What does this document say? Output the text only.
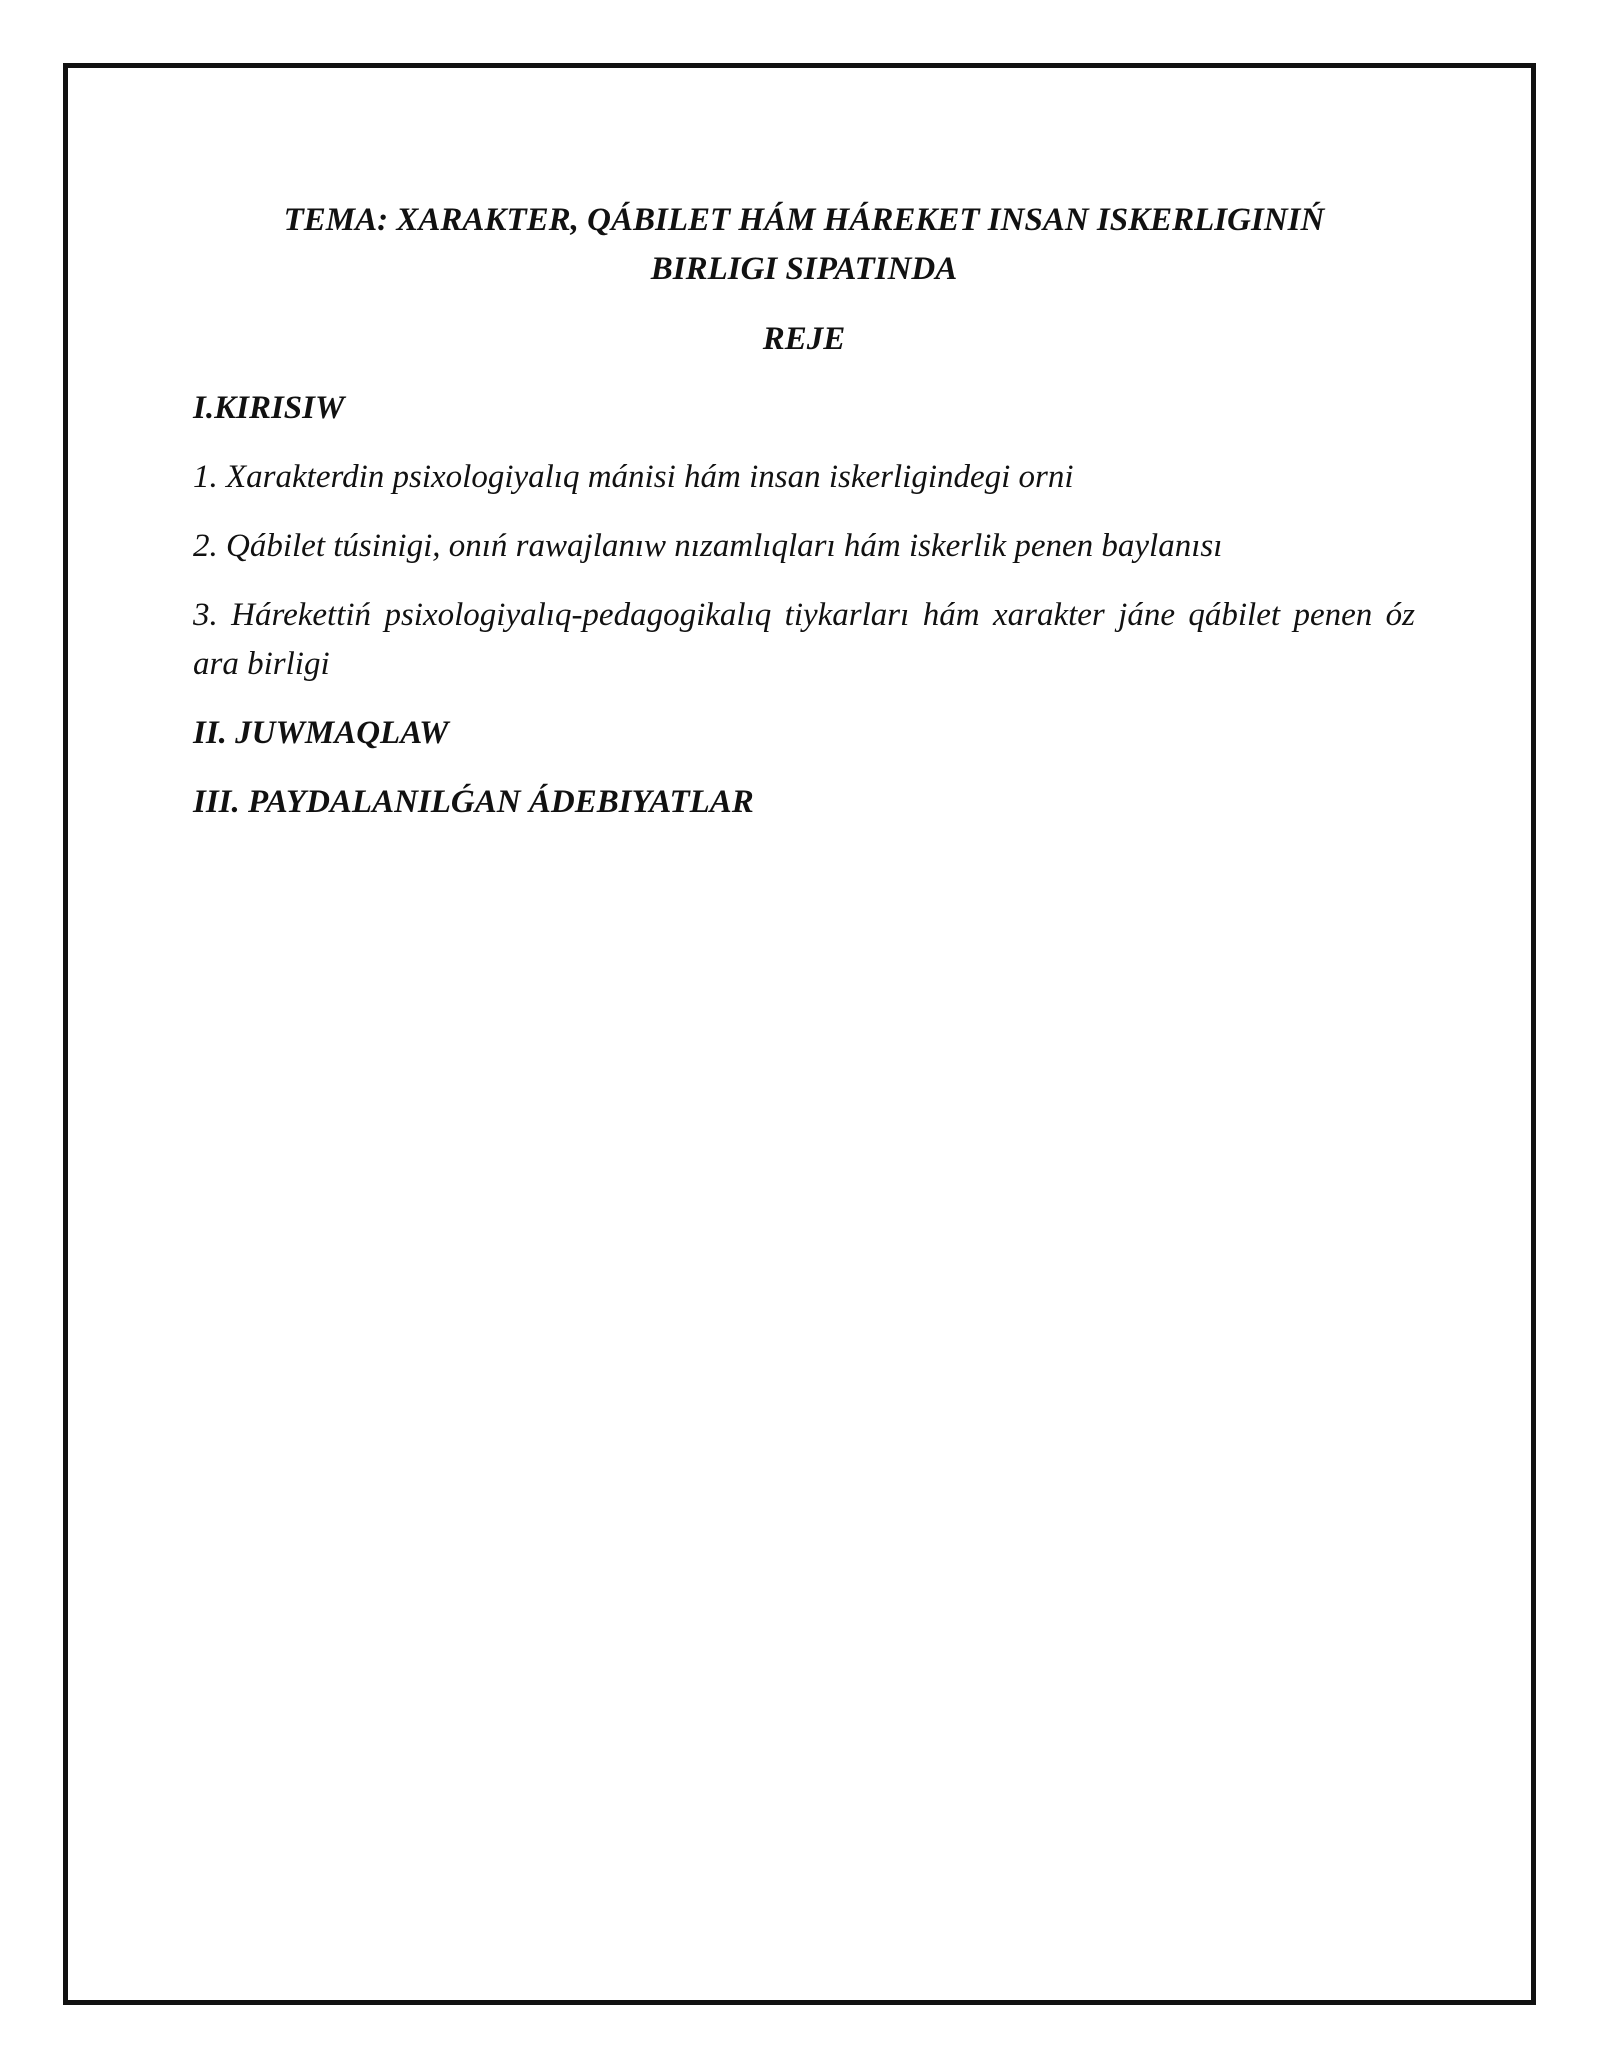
TEMA: XARAKTER, QÁBILET HÁM HÁREKET INSAN ISKERLIGINIŃ
BIRLIGI SIPATINDA
REJE
I.KIRISIW
1. Xarakterdin psixologiyalıq mánisi hám insan iskerligindegi orni
2. Qábilet túsinigi, onıń rawajlanıw nızamlıqları hám iskerlik penen baylanısı
3. Hárekettiń psixologiyalıq-pedagogikalıq tiykarları hám xarakter jáne qábilet penen óz ara birligi
II. JUWMAQLAW
III. PAYDALANILǴAN ÁDEBIYATLAR
